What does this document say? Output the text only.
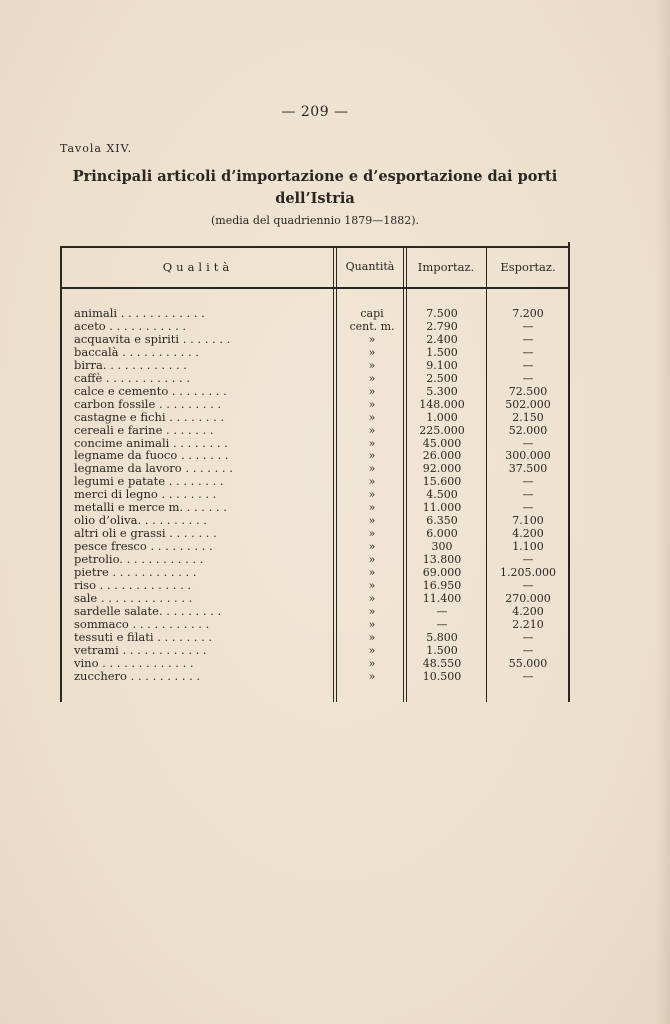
— 209 —
Tavola XIV.
Principali articoli d’importazione e d’esportazione dai porti
dell’Istria
(media del quadriennio 1879—1882).
Qualità	Quantità	Importaz.	Esportaz.
animali . . . . . . . . . . . .	capi	7.500	7.200
aceto . . . . . . . . . . .	cent. m.	2.790	—
acquavita e spiriti . . . . . . .	»	2.400	—
baccalà . . . . . . . . . . .	»	1.500	—
birra. . . . . . . . . . . .	»	9.100	—
caffè . . . . . . . . . . . .	»	2.500	—
calce e cemento . . . . . . . .	»	5.300	72.500
carbon fossile . . . . . . . . .	»	148.000	502.000
castagne e fichi . . . . . . . .	»	1.000	2.150
cereali e farine . . . . . . .	»	225.000	52.000
concime animali . . . . . . . .	»	45.000	—
legname da fuoco . . . . . . .	»	26.000	300.000
legname da lavoro . . . . . . .	»	92.000	37.500
legumi e patate . . . . . . . .	»	15.600	—
merci di legno . . . . . . . .	»	4.500	—
metalli e merce m. . . . . . .	»	11.000	—
olio d’oliva. . . . . . . . . .	»	6.350	7.100
altri oli e grassi . . . . . . .	»	6.000	4.200
pesce fresco . . . . . . . . .	»	300	1.100
petrolio. . . . . . . . . . . .	»	13.800	—
pietre . . . . . . . . . . . .	»	69.000	1.205.000
riso . . . . . . . . . . . . .	»	16.950	—
sale . . . . . . . . . . . . .	»	11.400	270.000
sardelle salate. . . . . . . . .	»	—	4.200
sommaco . . . . . . . . . . .	»	—	2.210
tessuti e filati . . . . . . . .	»	5.800	—
vetrami . . . . . . . . . . . .	»	1.500	—
vino . . . . . . . . . . . . .	»	48.550	55.000
zucchero . . . . . . . . . .	»	10.500	—
